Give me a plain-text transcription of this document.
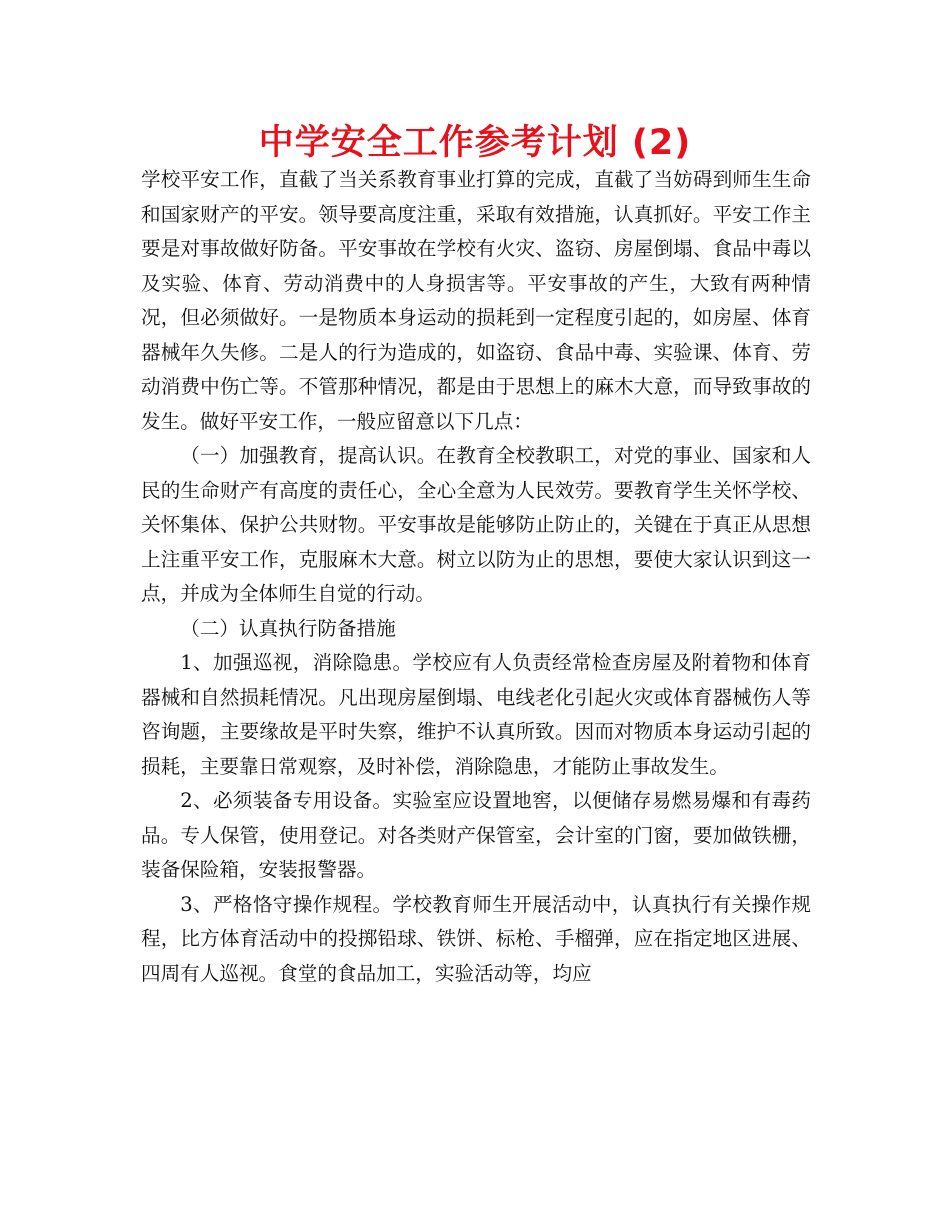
中学安全工作参考计划 (2)

学校平安工作，直截了当关系教育事业打算的完成，直截了当妨碍到师生生命和国家财产的平安。领导要高度注重，采取有效措施，认真抓好。平安工作主要是对事故做好防备。平安事故在学校有火灾、盗窃、房屋倒塌、食品中毒以及实验、体育、劳动消费中的人身损害等。平安事故的产生，大致有两种情况，但必须做好。一是物质本身运动的损耗到一定程度引起的，如房屋、体育器械年久失修。二是人的行为造成的，如盗窃、食品中毒、实验课、体育、劳动消费中伤亡等。不管那种情况，都是由于思想上的麻木大意，而导致事故的发生。做好平安工作，一般应留意以下几点：

（一）加强教育，提高认识。在教育全校教职工，对党的事业、国家和人民的生命财产有高度的责任心，全心全意为人民效劳。要教育学生关怀学校、关怀集体、保护公共财物。平安事故是能够防止防止的，关键在于真正从思想上注重平安工作，克服麻木大意。树立以防为止的思想，要使大家认识到这一点，并成为全体师生自觉的行动。

（二）认真执行防备措施

1、加强巡视，消除隐患。学校应有人负责经常检查房屋及附着物和体育器械和自然损耗情况。凡出现房屋倒塌、电线老化引起火灾或体育器械伤人等咨询题，主要缘故是平时失察，维护不认真所致。因而对物质本身运动引起的损耗，主要靠日常观察，及时补偿，消除隐患，才能防止事故发生。

2、必须装备专用设备。实验室应设置地窖，以便储存易燃易爆和有毒药品。专人保管，使用登记。对各类财产保管室，会计室的门窗，要加做铁栅，装备保险箱，安装报警器。

3、严格恪守操作规程。学校教育师生开展活动中，认真执行有关操作规程，比方体育活动中的投掷铅球、铁饼、标枪、手榴弹，应在指定地区进展、四周有人巡视。食堂的食品加工，实验活动等，均应
